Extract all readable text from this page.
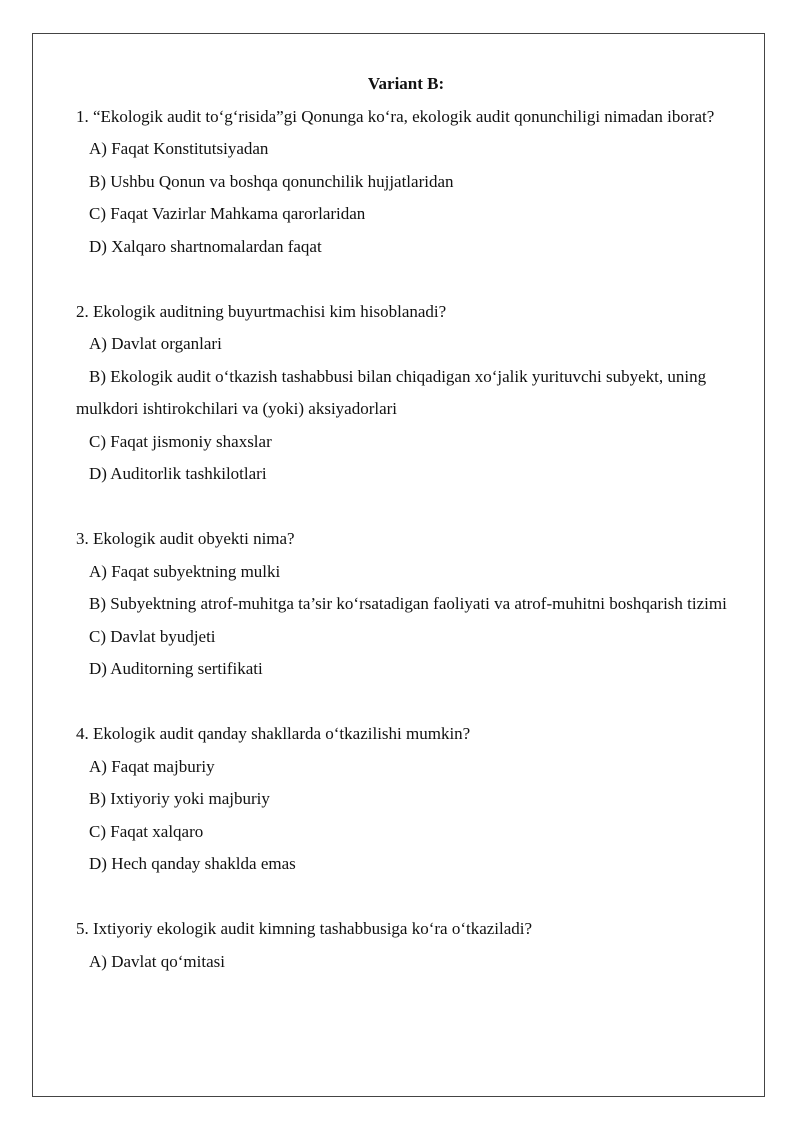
Variant B:

1. “Ekologik audit to‘g‘risida”gi Qonunga ko‘ra, ekologik audit qonunchiligi nimadan iborat?

A) Faqat Konstitutsiyadan

B) Ushbu Qonun va boshqa qonunchilik hujjatlaridan

C) Faqat Vazirlar Mahkama qarorlaridan

D) Xalqaro shartnomalardan faqat

2. Ekologik auditning buyurtmachisi kim hisoblanadi?

A) Davlat organlari

B) Ekologik audit o‘tkazish tashabbusi bilan chiqadigan xo‘jalik yurituvchi subyekt, uning mulkdori ishtirokchilari va (yoki) aksiyadorlari

C) Faqat jismoniy shaxslar

D) Auditorlik tashkilotlari

3. Ekologik audit obyekti nima?

A) Faqat subyektning mulki

B) Subyektning atrof-muhitga ta’sir ko‘rsatadigan faoliyati va atrof-muhitni boshqarish tizimi

C) Davlat byudjeti

D) Auditorning sertifikati

4. Ekologik audit qanday shakllarda o‘tkazilishi mumkin?

A) Faqat majburiy

B) Ixtiyoriy yoki majburiy

C) Faqat xalqaro

D) Hech qanday shaklda emas

5. Ixtiyoriy ekologik audit kimning tashabbusiga ko‘ra o‘tkaziladi?

A) Davlat qo‘mitasi
